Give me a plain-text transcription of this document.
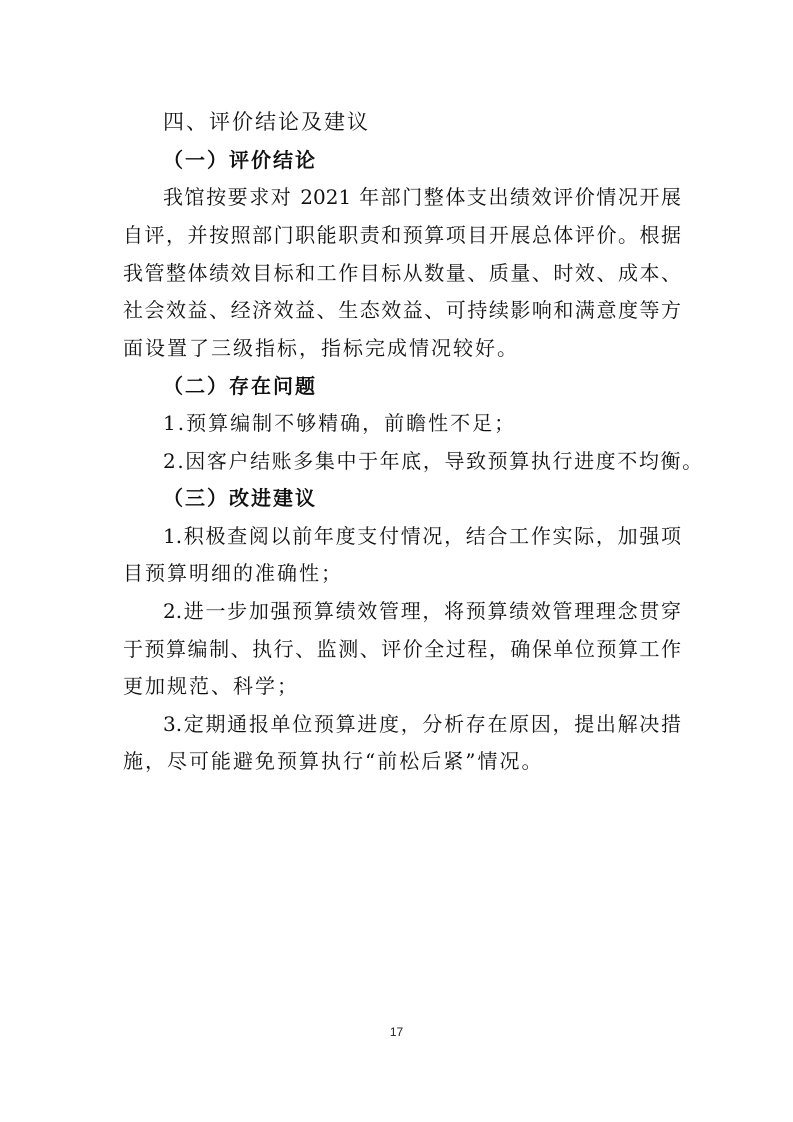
四、评价结论及建议
（一）评价结论
我馆按要求对 2021 年部门整体支出绩效评价情况开展
自评，并按照部门职能职责和预算项目开展总体评价。根据
我管整体绩效目标和工作目标从数量、质量、时效、成本、
社会效益、经济效益、生态效益、可持续影响和满意度等方
面设置了三级指标，指标完成情况较好。
（二）存在问题
1.预算编制不够精确，前瞻性不足；
2.因客户结账多集中于年底，导致预算执行进度不均衡。
（三）改进建议
1.积极查阅以前年度支付情况，结合工作实际，加强项
目预算明细的准确性；
2.进一步加强预算绩效管理，将预算绩效管理理念贯穿
于预算编制、执行、监测、评价全过程，确保单位预算工作
更加规范、科学；
3.定期通报单位预算进度，分析存在原因，提出解决措
施，尽可能避免预算执行“前松后紧”情况。
17
